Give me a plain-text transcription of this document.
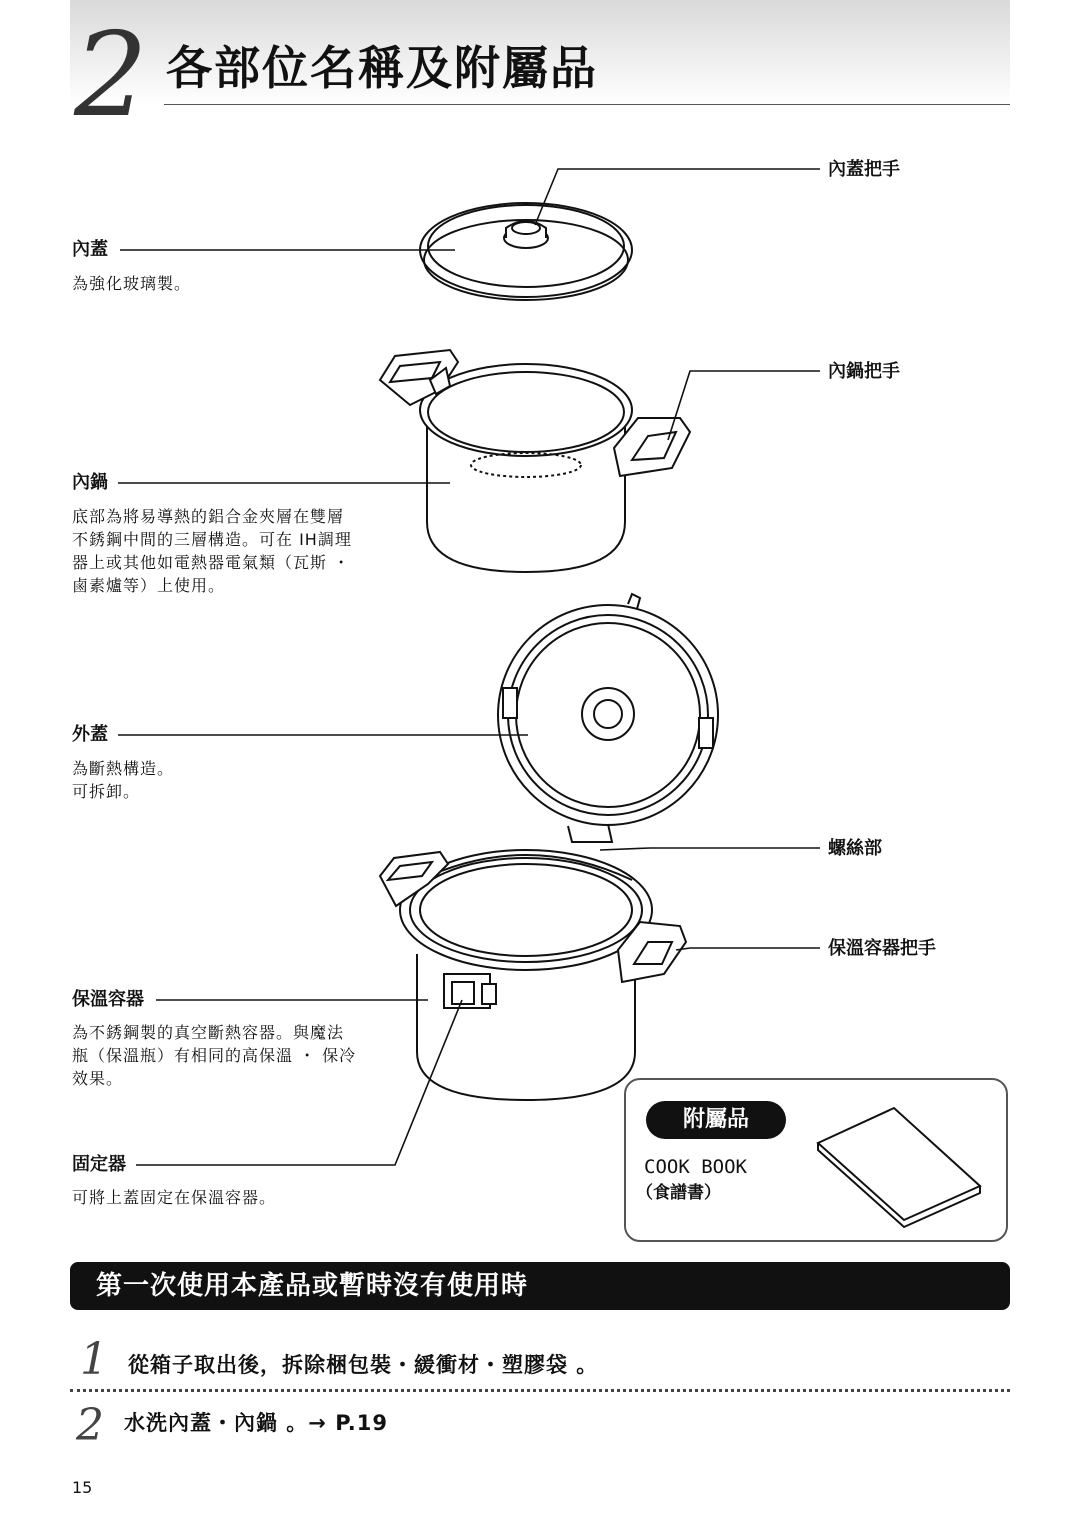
2 各部位名稱及附屬品
內蓋把手
內蓋
為強化玻璃製。
內鍋把手
內鍋
底部為將易導熱的鋁合金夾層在雙層
不銹鋼中間的三層構造。可在 IH調理
器上或其他如電熱器電氣類（瓦斯 ・
鹵素爐等）上使用。
外蓋
為斷熱構造。
可拆卸。
螺絲部
保溫容器把手
保溫容器
為不銹鋼製的真空斷熱容器。與魔法
瓶（保溫瓶）有相同的高保溫 ・ 保冷
效果。
固定器
可將上蓋固定在保溫容器。
附屬品
COOK BOOK
（食譜書）
第一次使用本產品或暫時沒有使用時
1 從箱子取出後，拆除梱包裝・緩衝材・塑膠袋 。
2 水洗內蓋・內鍋 。→ P.19
15
